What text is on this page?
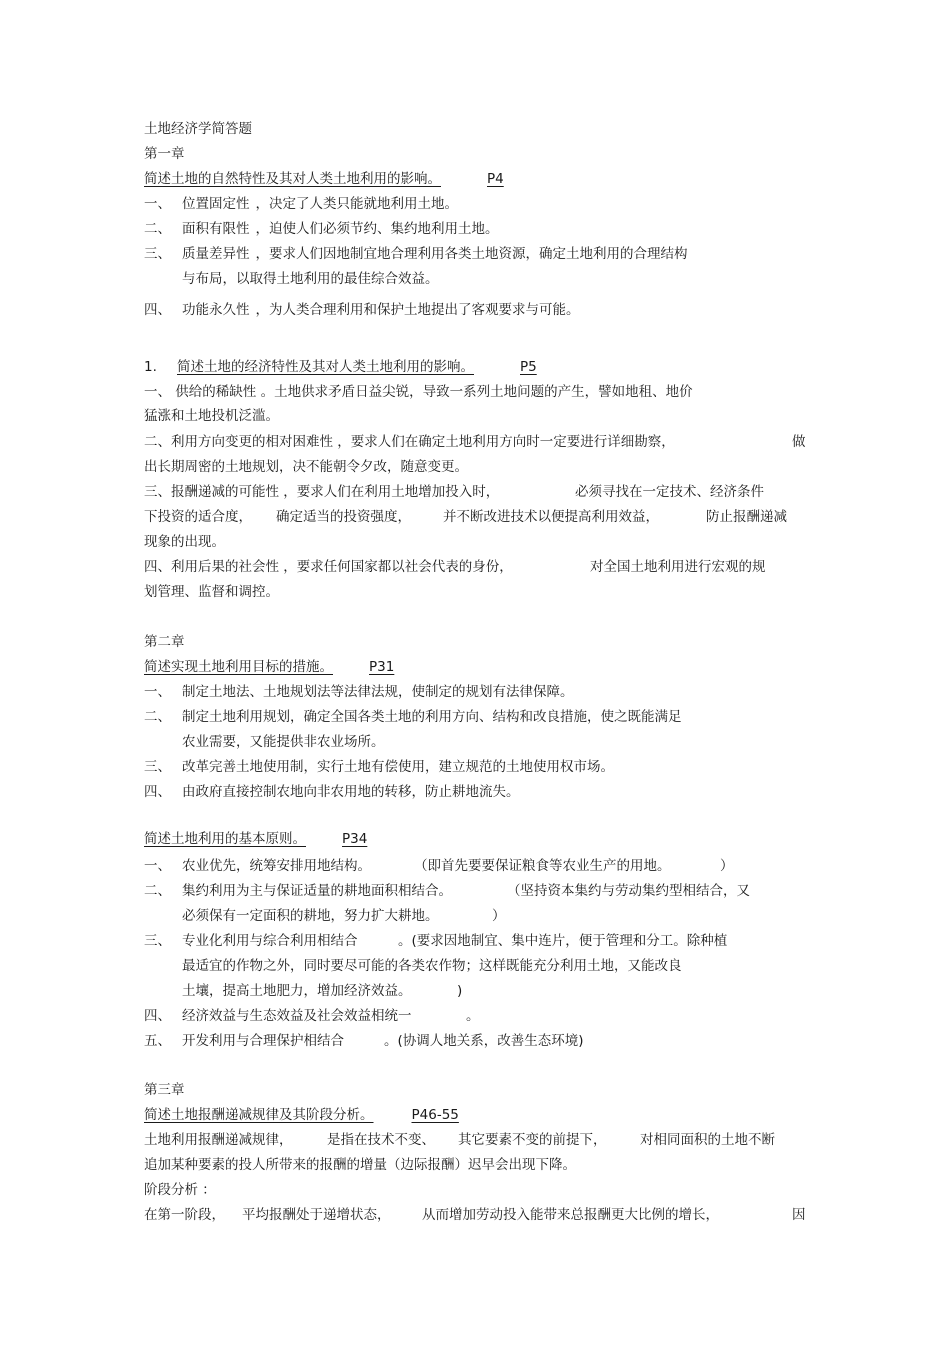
土地经济学简答题
第一章
简述土地的自然特性及其对人类土地利用的影响。	P4
一、 位置固定性 ，决定了人类只能就地利用土地。
二、 面积有限性 ，迫使人们必须节约、集约地利用土地。
三、 质量差异性 ，要求人们因地制宜地合理利用各类土地资源，确定土地利用的合理结构
与布局，以取得土地利用的最佳综合效益。
四、 功能永久性 ，为人类合理利用和保护土地提出了客观要求与可能。
1. 简述土地的经济特性及其对人类土地利用的影响。	P5
一、 供给的稀缺性 。土地供求矛盾日益尖锐，导致一系列土地问题的产生，譬如地租、地价
猛涨和土地投机泛滥。
二、利用方向变更的相对困难性 ，要求人们在确定土地利用方向时一定要进行详细勘察，	做
出长期周密的土地规划，决不能朝令夕改，随意变更。
三、报酬递减的可能性 ，要求人们在利用土地增加投入时，	必须寻找在一定技术、经济条件
下投资的适合度， 确定适当的投资强度， 并不断改进技术以便提高利用效益，	防止报酬递减
现象的出现。
四、利用后果的社会性 ，要求任何国家都以社会代表的身份，	对全国土地利用进行宏观的规
划管理、监督和调控。
第二章
简述实现土地利用目标的措施。	P31
一、 制定土地法、土地规划法等法律法规，使制定的规划有法律保障。
二、 制定土地利用规划，确定全国各类土地的利用方向、结构和改良措施，使之既能满足
农业需要，又能提供非农业场所。
三、 改革完善土地使用制，实行土地有偿使用，建立规范的土地使用权市场。
四、 由政府直接控制农地向非农用地的转移，防止耕地流失。
简述土地利用的基本原则。	P34
一、 农业优先，统筹安排用地结构。	（即首先要要保证粮食等农业生产的用地。	）
二、 集约利用为主与保证适量的耕地面积相结合。	（坚持资本集约与劳动集约型相结合，又
必须保有一定面积的耕地，努力扩大耕地。	）
三、 专业化利用与综合利用相结合	。(要求因地制宜、集中连片，便于管理和分工。除种植
最适宜的作物之外，同时要尽可能的各类农作物；这样既能充分利用土地，又能改良
土壤，提高土地肥力，增加经济效益。	)
四、 经济效益与生态效益及社会效益相统一	。
五、 开发利用与合理保护相结合	。(协调人地关系，改善生态环境)
第三章
简述土地报酬递减规律及其阶段分析。	P46-55
土地利用报酬递减规律，	是指在技术不变、 其它要素不变的前提下， 对相同面积的土地不断
追加某种要素的投人所带来的报酬的增量（边际报酬）迟早会出现下降。
阶段分析 ：
在第一阶段， 平均报酬处于递增状态， 从而增加劳动投入能带来总报酬更大比例的增长，	因
